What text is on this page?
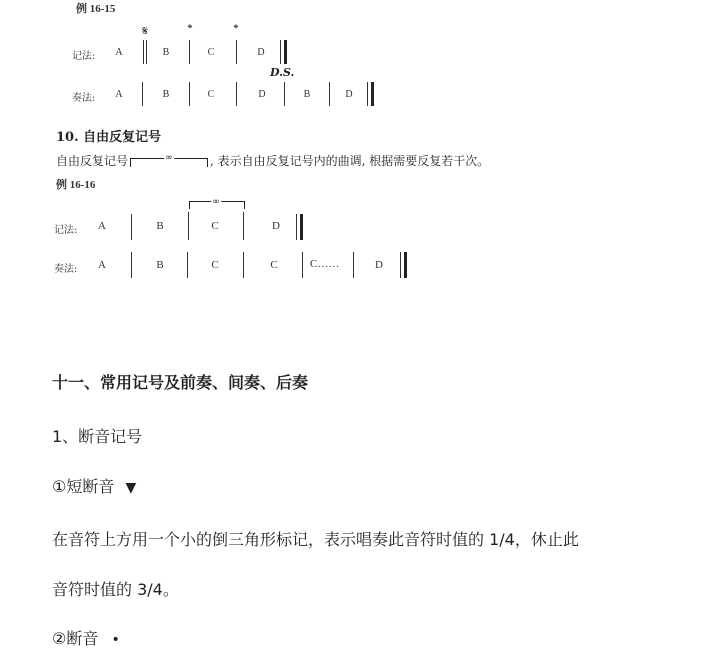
例 16-15
𝄋	𝄌	𝄌
记法: A	B	C	D
D.S.
奏法: A	B	C	D	B	D
10. 自由反复记号
自由反复记号	∞	, 表示自由反复记号内的曲调, 根据需要反复若干次。
例 16-16
∞
记法: A	B	C	D
奏法: A	B	C	C	C……	D
十一、常用记号及前奏、间奏、后奏
1、断音记号
①短断音 ▼
在音符上方用一个小的倒三角形标记，表示唱奏此音符时值的 1/4，休止此
音符时值的 3/4。
②断音 •
